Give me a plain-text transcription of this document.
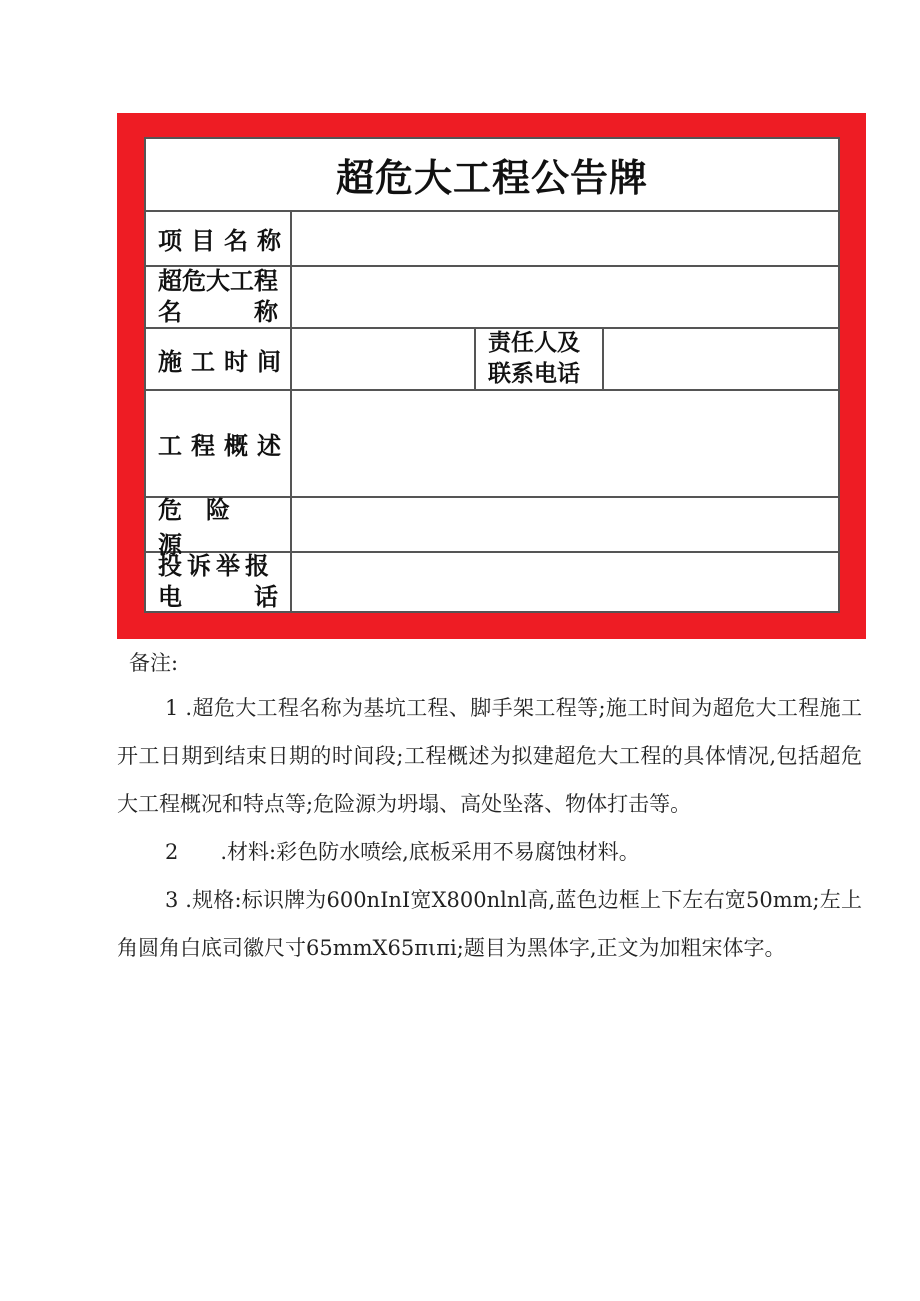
超危大工程公告牌
项目名称
超危大工程
名	称
施工时间
责任人及
联系电话
工程概述
危险源
投诉举报
电	话
备注:

1 .超危大工程名称为基坑工程、脚手架工程等;施工时间为超危大工程施工开工日期到结束日期的时间段;工程概述为拟建超危大工程的具体情况,包括超危大工程概况和特点等;危险源为坍塌、高处坠落、物体打击等。

2  .材料:彩色防水喷绘,底板采用不易腐蚀材料。

3 .规格:标识牌为600nInI宽X800nlnl高,蓝色边框上下左右宽50mm;左上角圆角白底司徽尺寸65mmX65πιπi;题目为黑体字,正文为加粗宋体字。
